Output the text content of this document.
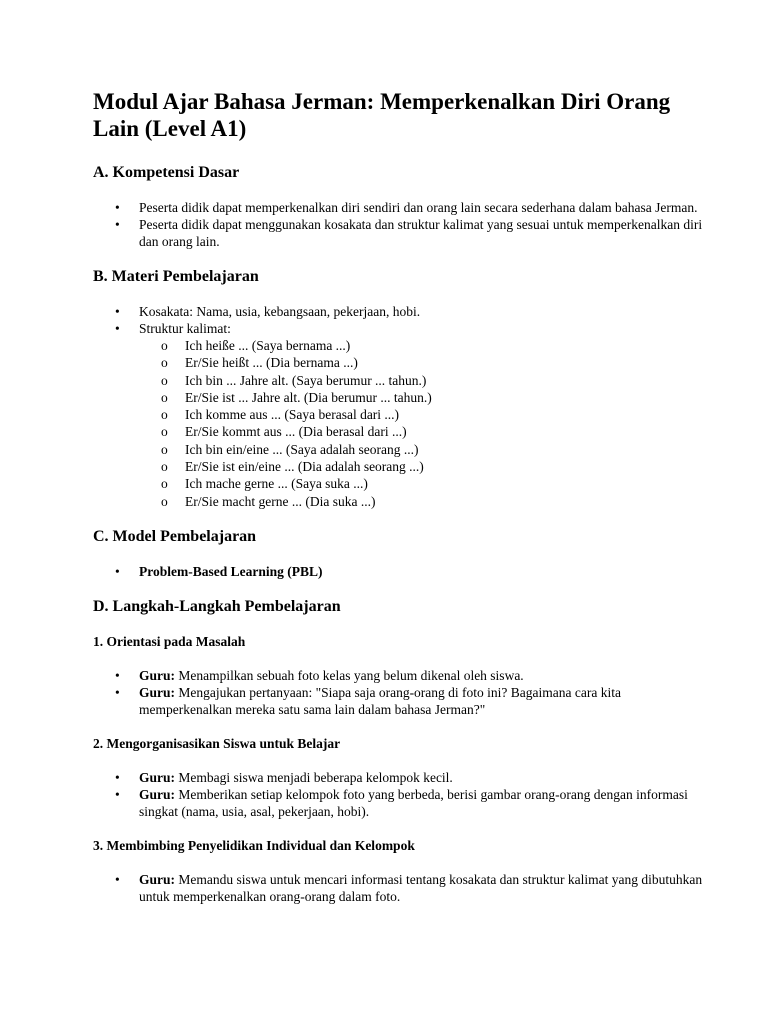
Modul Ajar Bahasa Jerman: Memperkenalkan Diri Orang Lain (Level A1)
A. Kompetensi Dasar
• Peserta didik dapat memperkenalkan diri sendiri dan orang lain secara sederhana dalam bahasa Jerman.
• Peserta didik dapat menggunakan kosakata dan struktur kalimat yang sesuai untuk memperkenalkan diri dan orang lain.
B. Materi Pembelajaran
• Kosakata: Nama, usia, kebangsaan, pekerjaan, hobi.
• Struktur kalimat:
o Ich heiße ... (Saya bernama ...)
o Er/Sie heißt ... (Dia bernama ...)
o Ich bin ... Jahre alt. (Saya berumur ... tahun.)
o Er/Sie ist ... Jahre alt. (Dia berumur ... tahun.)
o Ich komme aus ... (Saya berasal dari ...)
o Er/Sie kommt aus ... (Dia berasal dari ...)
o Ich bin ein/eine ... (Saya adalah seorang ...)
o Er/Sie ist ein/eine ... (Dia adalah seorang ...)
o Ich mache gerne ... (Saya suka ...)
o Er/Sie macht gerne ... (Dia suka ...)
C. Model Pembelajaran
• Problem-Based Learning (PBL)
D. Langkah-Langkah Pembelajaran
1. Orientasi pada Masalah
• Guru: Menampilkan sebuah foto kelas yang belum dikenal oleh siswa.
• Guru: Mengajukan pertanyaan: "Siapa saja orang-orang di foto ini? Bagaimana cara kita memperkenalkan mereka satu sama lain dalam bahasa Jerman?"
2. Mengorganisasikan Siswa untuk Belajar
• Guru: Membagi siswa menjadi beberapa kelompok kecil.
• Guru: Memberikan setiap kelompok foto yang berbeda, berisi gambar orang-orang dengan informasi singkat (nama, usia, asal, pekerjaan, hobi).
3. Membimbing Penyelidikan Individual dan Kelompok
• Guru: Memandu siswa untuk mencari informasi tentang kosakata dan struktur kalimat yang dibutuhkan untuk memperkenalkan orang-orang dalam foto.
